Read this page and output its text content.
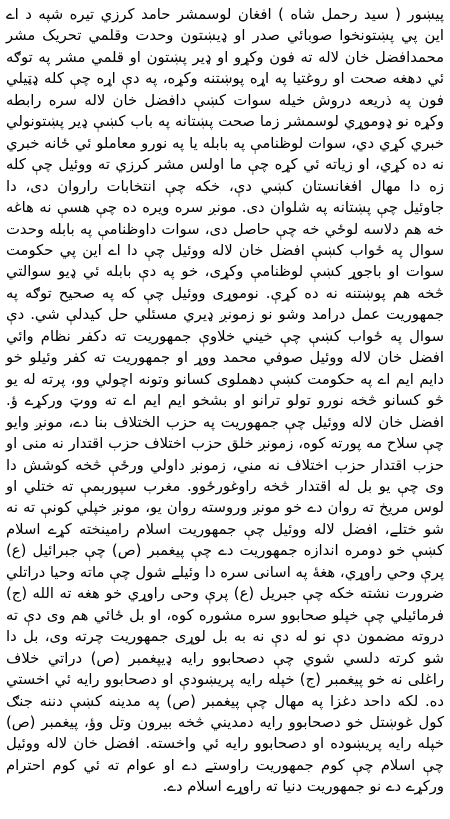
پیښور ( سید رحمل شاه ) افغان لوسمشر حامد کرزي تیره شپه د اے این پي پښتونخوا صوبائي صدر او ډیښتون وحدت وقلمي تحریک مشر محمدافضل خان لاله ته فون وکړو او ډیر پښتون او قلمي مشر په توګه ئي دهغه صحت او روغتیا په اړه پوښتنه وکړه، په دې اړه چې کله ډټیلي فون په ذریعه دروش خیله سوات کښې دافضل خان لاله سره رابطه وکړه نو ډوموړي لوسمشر زما صحت پښتانه په باب کښې ډیر پښتونولي خبري کړي دي، سوات لوظنامې په بابله یا په نورو معاملو ئي ځانه خبري نه ده کړي، او زیاته ئي کړه چې ما اولس مشر کرزي ته ووئیل چې کله زه دا مهال افغانستان کښي دې، خکه چې انتخابات راروان دی، دا جاوئیل چې پښتانه په شلوان دی. مونږ سره ویره ده چې هسې نه هاغه خه هم دلاسه لوځي خه چې حاصل دی، سوات داوظنامې په بابله وحدت سوال په ځواب کښې افضل خان لاله ووئیل چې دا اے این پي حکومت سوات او باجوړ کښې لوظنامې وکړی، خو په دې بابله ئي ډیو سوالتي څخه هم پوښتنه نه ده کړې. نوموړی ووئیل چې که په صحیح توګه په جمهوریت عمل درامد وشو نو زمونږ ډیري مسئلي حل کیدلې شي. دې سوال په ځواب کښې چې خیني خلاوې جمهوریت ته دکفر نظام وائي افضل خان لاله ووئیل صوفي محمد ووړ او جمهوریت ته کفر وئیلو خو دايم ايم اے په حکومت کښې دهملوی کسانو وتونه اچولي وو، پرته له یو څو کسانو څخه نورو تولو ترانو او بشخو ایم ایم اے ته ووټ ورکړے ؤ. افضل خان لاله ووئیل چې جمهوریت په حزب الختلاف بنا دے، مونږ وایو چې سلاح مه پورته کوه، زمونږ خلق حزب اختلاف حزب اقتدار نه منی او حزب اقتدار حزب اختلاف نه مني، زمونږ داولي ورځې څخه کوشش دا وی چې یو بل له اقتدار څخه راوغورځوو. مغرب سپوربمې ته ختلي او لوس مریخ ته روان دے خو مونږ وروسته روان یو، مونږ خپلي کونې ته نه شو ختلے، افضل لاله ووئیل چې جمهوریت اسلام رامینخته کړے اسلام کښې خو دومره اندازه جمهوریت دے چې پیغمبر (ص) چې جبرائیل (ع) پرې وحي راوړي، هغهٔ په اسانی سره دا وئیلے شول چې ماته وحیا دراتلي ضرورت نشته خکه چې جبریل (ع) پرې وحی راوړي خو هغه ته الله (ج) فرمائيلي چې خپلو صحابوو سره مشوره کوه، او بل ځائي هم وی دې ته دروته مضمون دې نو له دې نه به بل لوړی جمهوریت چرته وی، بل دا شو کرته دلسي شوي چې دصحابوو رایه ډیپغمبر (ص) دراتي خلاف راغلی نه خو پیغمبر (ج) خپله رایه پریښودې او دصحابوو رایه ئي اخستي ده. لکه داحد دغزا په مهال چې پیغمبر (ص) په مدینه کښې دننه جنګ کول غوښتل خو دصحابوو رایه دمدیني څخه بیرون وتل وؤ، پیغمبر (ص) خپله رایه پریښوده او دصحابوو رایه ئي واخسته. افضل خان لاله ووئیل چې اسلام چې کوم جمهوریت راوستے دے او عوام ته ئي کوم احترام ورکړے دے نو جمهوریت دنیا ته راوړے اسلام دے.
